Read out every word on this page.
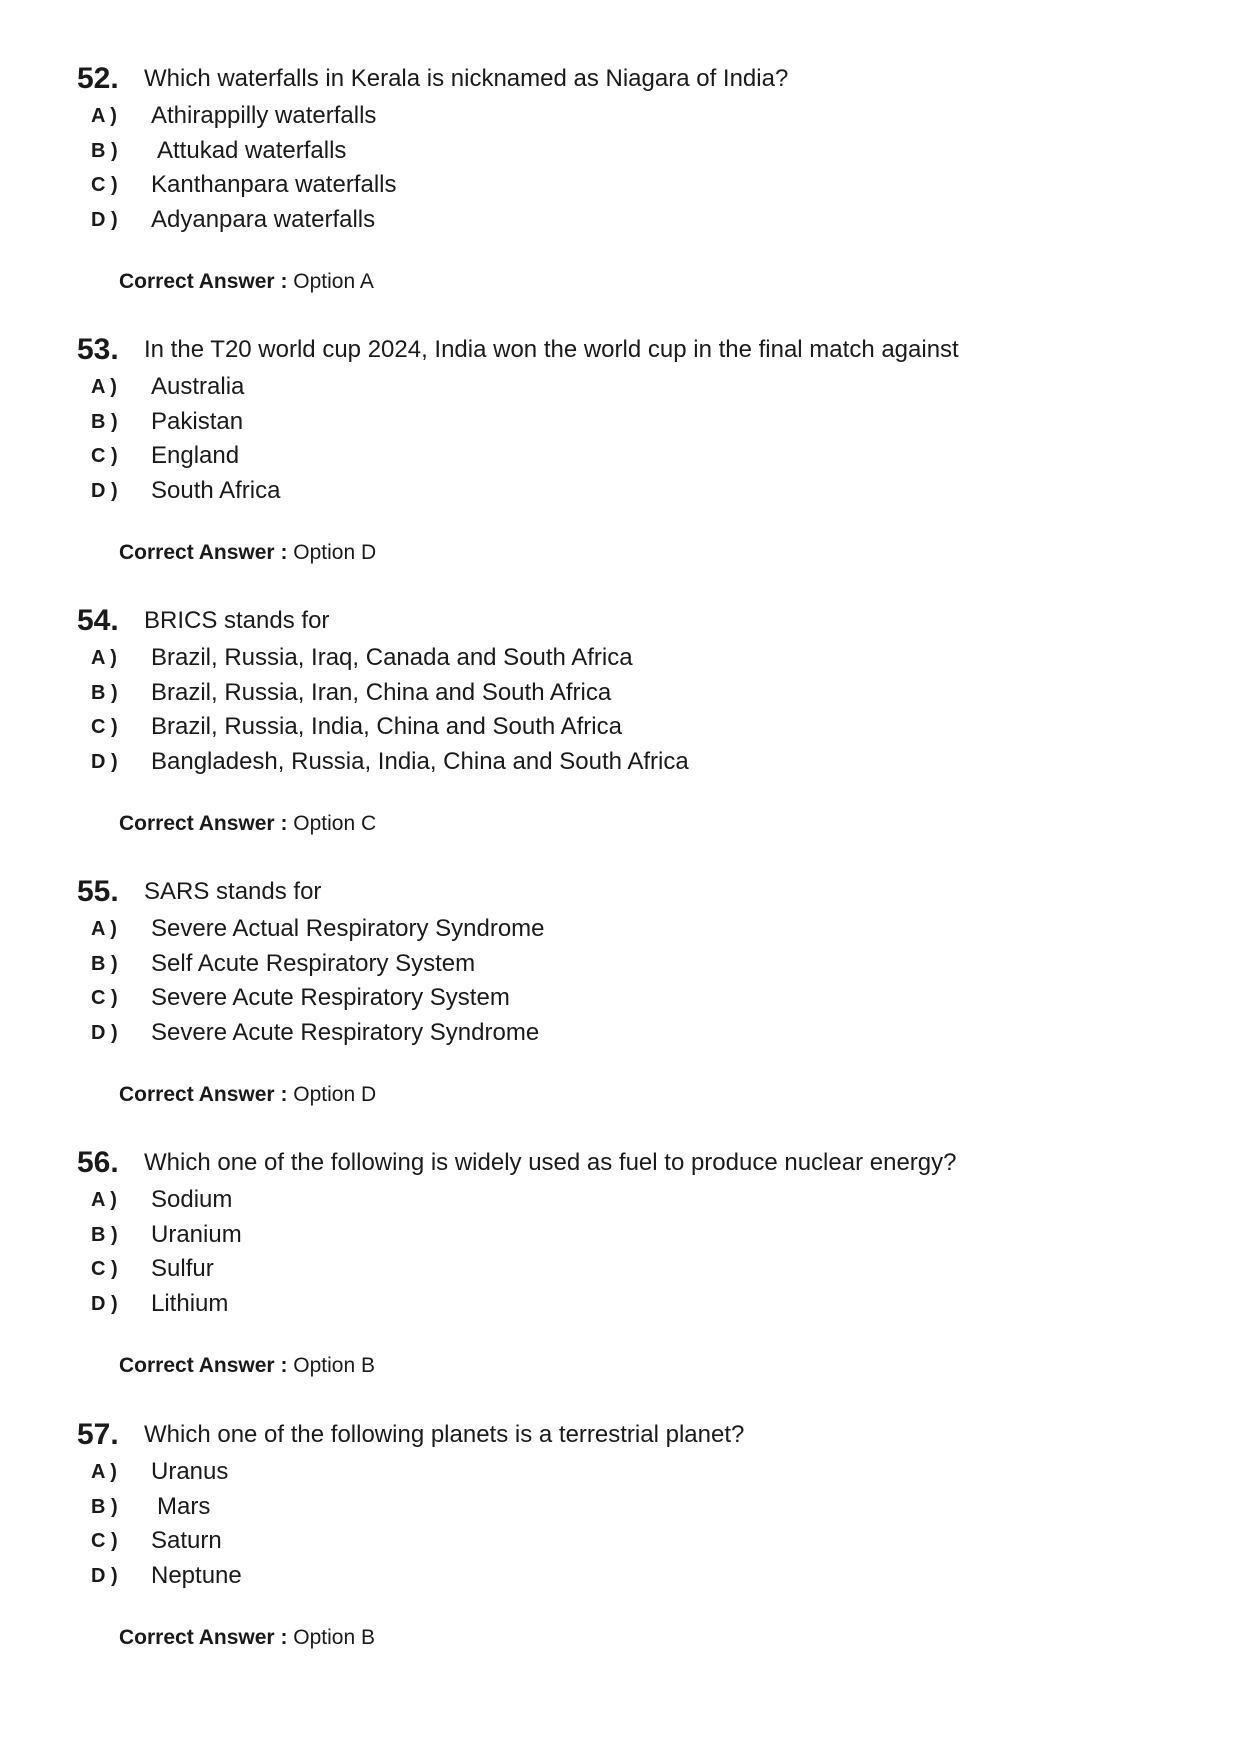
52. Which waterfalls in Kerala is nicknamed as Niagara of India?
A ) Athirappilly waterfalls
B ) Attukad waterfalls
C ) Kanthanpara waterfalls
D ) Adyanpara waterfalls
Correct Answer : Option A
53. In the T20 world cup 2024, India won the world cup in the final match against
A ) Australia
B ) Pakistan
C ) England
D ) South Africa
Correct Answer : Option D
54. BRICS stands for
A ) Brazil, Russia, Iraq, Canada and South Africa
B ) Brazil, Russia, Iran, China and South Africa
C ) Brazil, Russia, India, China and South Africa
D ) Bangladesh, Russia, India, China and South Africa
Correct Answer : Option C
55. SARS stands for
A ) Severe Actual Respiratory Syndrome
B ) Self Acute Respiratory System
C ) Severe Acute Respiratory System
D ) Severe Acute Respiratory Syndrome
Correct Answer : Option D
56. Which one of the following is widely used as fuel to produce nuclear energy?
A ) Sodium
B ) Uranium
C ) Sulfur
D ) Lithium
Correct Answer : Option B
57. Which one of the following planets is a terrestrial planet?
A ) Uranus
B ) Mars
C ) Saturn
D ) Neptune
Correct Answer : Option B
